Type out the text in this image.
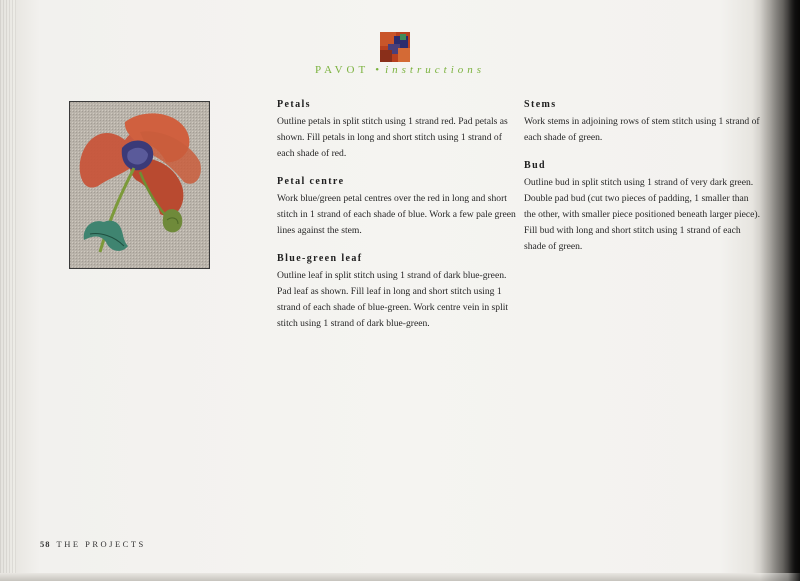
PAVOT • instructions
Petals

Outline petals in split stitch using 1 strand red. Pad petals as shown. Fill petals in long and short stitch using 1 strand of each shade of red.

Petal centre

Work blue/green petal centres over the red in long and short stitch in 1 strand of each shade of blue. Work a few pale green lines against the stem.

Blue-green leaf

Outline leaf in split stitch using 1 strand of dark blue-green. Pad leaf as shown. Fill leaf in long and short stitch using 1 strand of each shade of blue-green. Work centre vein in split stitch using 1 strand of dark blue-green.

Stems

Work stems in adjoining rows of stem stitch using 1 strand of each shade of green.

Bud

Outline bud in split stitch using 1 strand of very dark green. Double pad bud (cut two pieces of padding, 1 smaller than the other, with smaller piece positioned beneath larger piece). Fill bud with long and short stitch using 1 strand of each shade of green.

58 THE PROJECTS
